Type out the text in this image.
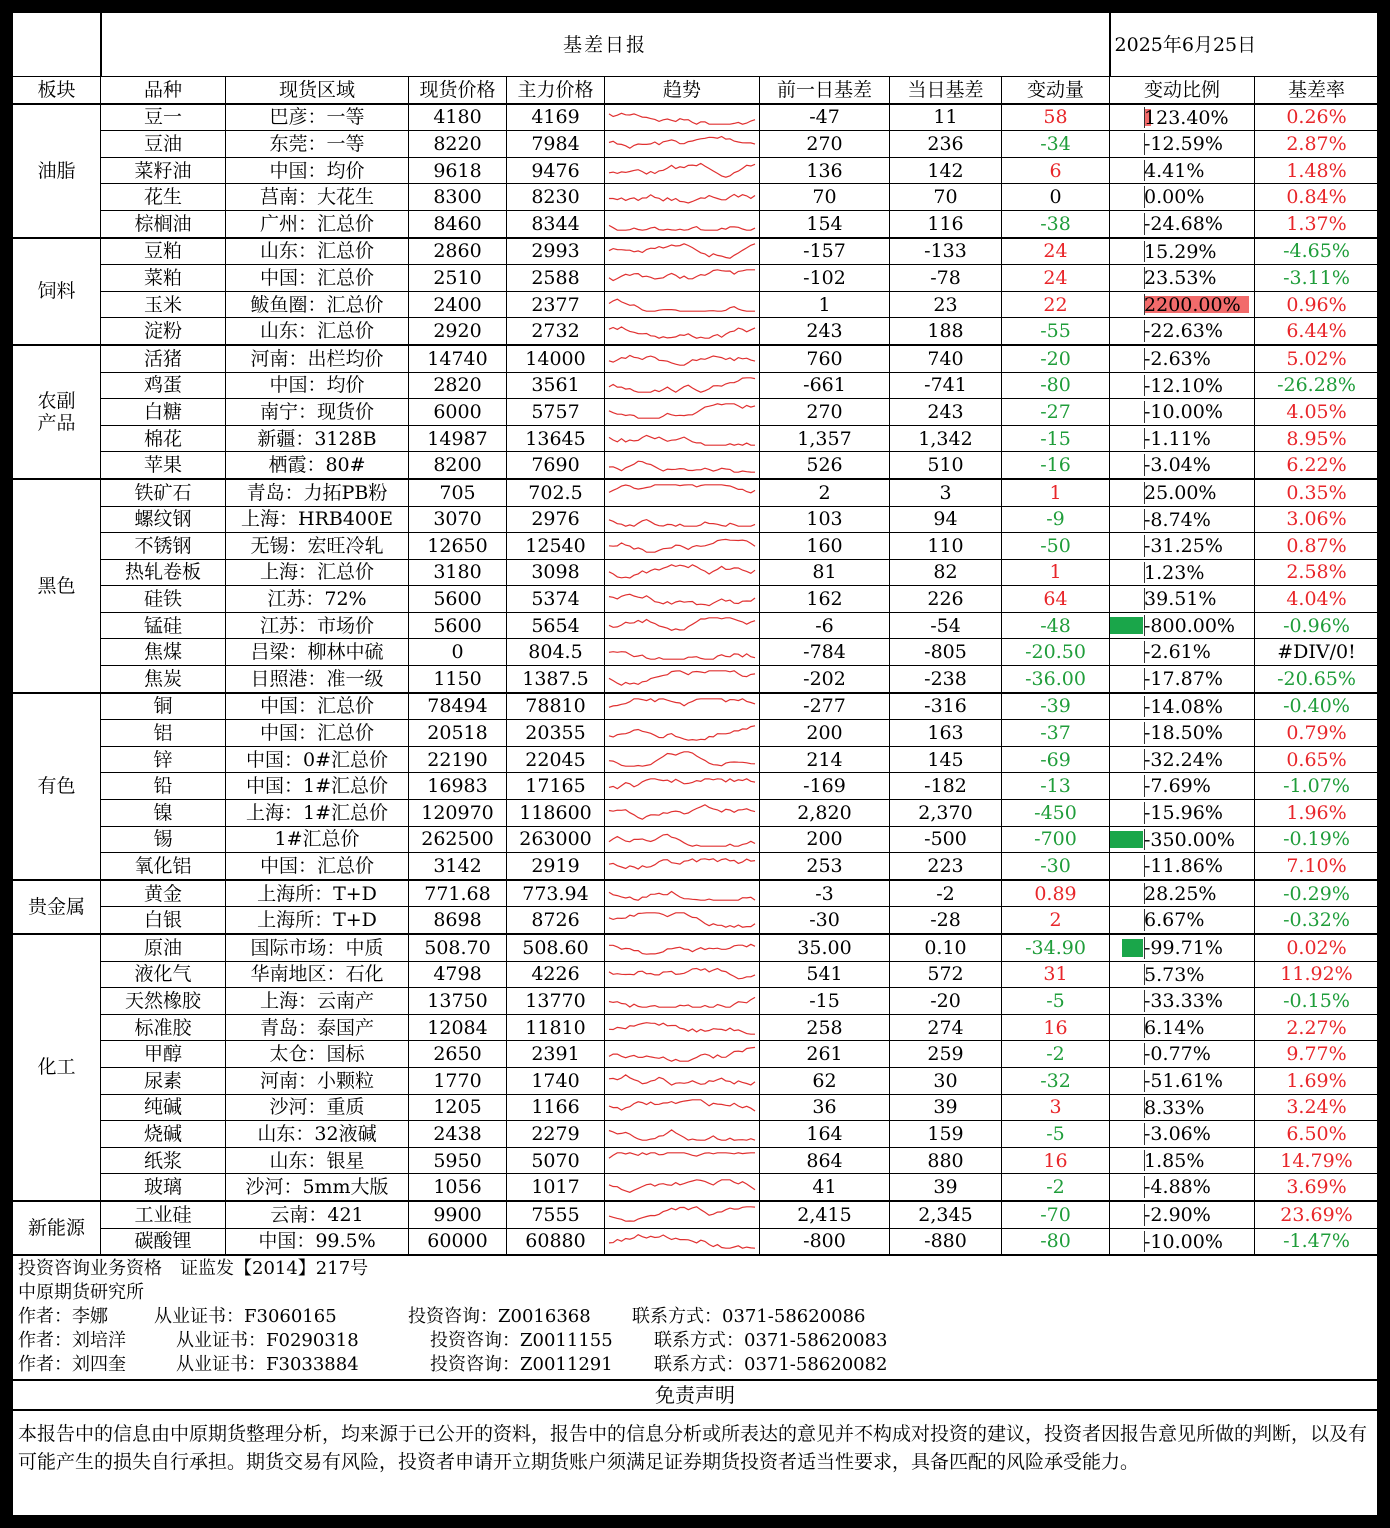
	基差日报								2025年6月25日	
板块	品种	现货区域	现货价格	主力价格	趋势	前一日基差	当日基差	变动量	变动比例	基差率
油脂	豆一	巴彦：一等	4180	4169		-47	11	58	123.40%	0.26%
	豆油	东莞：一等	8220	7984		270	236	-34	-12.59%	2.87%
	菜籽油	中国：均价	9618	9476		136	142	6	4.41%	1.48%
	花生	莒南：大花生	8300	8230		70	70	0	0.00%	0.84%
	棕榈油	广州：汇总价	8460	8344		154	116	-38	-24.68%	1.37%
饲料	豆粕	山东：汇总价	2860	2993		-157	-133	24	15.29%	-4.65%
	菜粕	中国：汇总价	2510	2588		-102	-78	24	23.53%	-3.11%
	玉米	鲅鱼圈：汇总价	2400	2377		1	23	22	2200.00%	0.96%
	淀粉	山东：汇总价	2920	2732		243	188	-55	-22.63%	6.44%
农副产品	活猪	河南：出栏均价	14740	14000		760	740	-20	-2.63%	5.02%
	鸡蛋	中国：均价	2820	3561		-661	-741	-80	-12.10%	-26.28%
	白糖	南宁：现货价	6000	5757		270	243	-27	-10.00%	4.05%
	棉花	新疆：3128B	14987	13645		1,357	1,342	-15	-1.11%	8.95%
	苹果	栖霞：80#	8200	7690		526	510	-16	-3.04%	6.22%
黑色	铁矿石	青岛：力拓PB粉	705	702.5		2	3	1	25.00%	0.35%
	螺纹钢	上海：HRB400E	3070	2976		103	94	-9	-8.74%	3.06%
	不锈钢	无锡：宏旺冷轧	12650	12540		160	110	-50	-31.25%	0.87%
	热轧卷板	上海：汇总价	3180	3098		81	82	1	1.23%	2.58%
	硅铁	江苏：72%	5600	5374		162	226	64	39.51%	4.04%
	锰硅	江苏：市场价	5600	5654		-6	-54	-48	-800.00%	-0.96%
	焦煤	吕梁：柳林中硫	0	804.5		-784	-805	-20.50	-2.61%	#DIV/0!
	焦炭	日照港：准一级	1150	1387.5		-202	-238	-36.00	-17.87%	-20.65%
有色	铜	中国：汇总价	78494	78810		-277	-316	-39	-14.08%	-0.40%
	铝	中国：汇总价	20518	20355		200	163	-37	-18.50%	0.79%
	锌	中国：0#汇总价	22190	22045		214	145	-69	-32.24%	0.65%
	铅	中国：1#汇总价	16983	17165		-169	-182	-13	-7.69%	-1.07%
	镍	上海：1#汇总价	120970	118600		2,820	2,370	-450	-15.96%	1.96%
	锡	1#汇总价	262500	263000		200	-500	-700	-350.00%	-0.19%
	氧化铝	中国：汇总价	3142	2919		253	223	-30	-11.86%	7.10%
贵金属	黄金	上海所：T+D	771.68	773.94		-3	-2	0.89	28.25%	-0.29%
	白银	上海所：T+D	8698	8726		-30	-28	2	6.67%	-0.32%
化工	原油	国际市场：中质	508.70	508.60		35.00	0.10	-34.90	-99.71%	0.02%
	液化气	华南地区：石化	4798	4226		541	572	31	5.73%	11.92%
	天然橡胶	上海：云南产	13750	13770		-15	-20	-5	-33.33%	-0.15%
	标准胶	青岛：泰国产	12084	11810		258	274	16	6.14%	2.27%
	甲醇	太仓：国标	2650	2391		261	259	-2	-0.77%	9.77%
	尿素	河南：小颗粒	1770	1740		62	30	-32	-51.61%	1.69%
	纯碱	沙河：重质	1205	1166		36	39	3	8.33%	3.24%
	烧碱	山东：32液碱	2438	2279		164	159	-5	-3.06%	6.50%
	纸浆	山东：银星	5950	5070		864	880	16	1.85%	14.79%
	玻璃	沙河：5mm大版	1056	1017		41	39	-2	-4.88%	3.69%
新能源	工业硅	云南：421	9900	7555		2,415	2,345	-70	-2.90%	23.69%
	碳酸锂	中国：99.5%	60000	60880		-800	-880	-80	-10.00%	-1.47%
投资咨询业务资格　证监发【2014】217号
中原期货研究所
作者：李娜	从业证书：F3060165	投资咨询：Z0016368 联系方式：0371-58620086
作者：刘培洋	从业证书：F0290318	投资咨询：Z0011155 联系方式：0371-58620083
作者：刘四奎	从业证书：F3033884	投资咨询：Z0011291 联系方式：0371-58620082
免责声明
本报告中的信息由中原期货整理分析，均来源于已公开的资料，报告中的信息分析或所表达的意见并不构成对投资的建议，投资者因报告意见所做的判断，以及有可能产生的损失自行承担。期货交易有风险，投资者申请开立期货账户须满足证券期货投资者适当性要求，具备匹配的风险承受能力。
